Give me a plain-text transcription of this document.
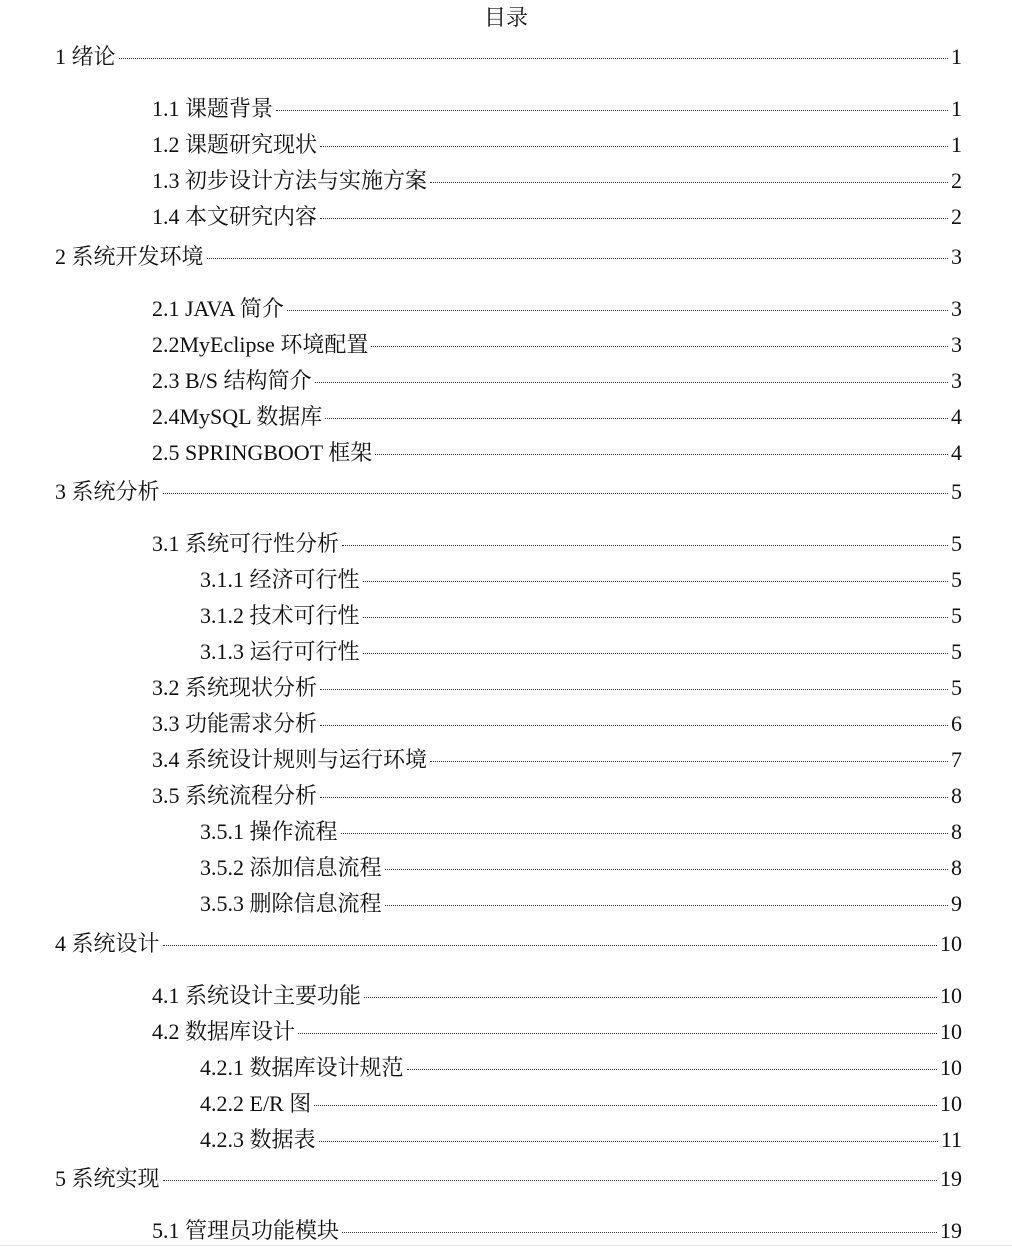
目录
1 绪论	1
1.1 课题背景	1
1.2 课题研究现状	1
1.3 初步设计方法与实施方案	2
1.4 本文研究内容	2
2 系统开发环境	3
2.1 JAVA 简介	3
2.2MyEclipse 环境配置	3
2.3 B/S 结构简介	3
2.4MySQL 数据库	4
2.5 SPRINGBOOT 框架	4
3 系统分析	5
3.1 系统可行性分析	5
3.1.1 经济可行性	5
3.1.2 技术可行性	5
3.1.3 运行可行性	5
3.2 系统现状分析	5
3.3 功能需求分析	6
3.4 系统设计规则与运行环境	7
3.5 系统流程分析	8
3.5.1 操作流程	8
3.5.2 添加信息流程	8
3.5.3 删除信息流程	9
4 系统设计	10
4.1 系统设计主要功能	10
4.2 数据库设计	10
4.2.1 数据库设计规范	10
4.2.2 E/R 图	10
4.2.3 数据表	11
5 系统实现	19
5.1 管理员功能模块	19
